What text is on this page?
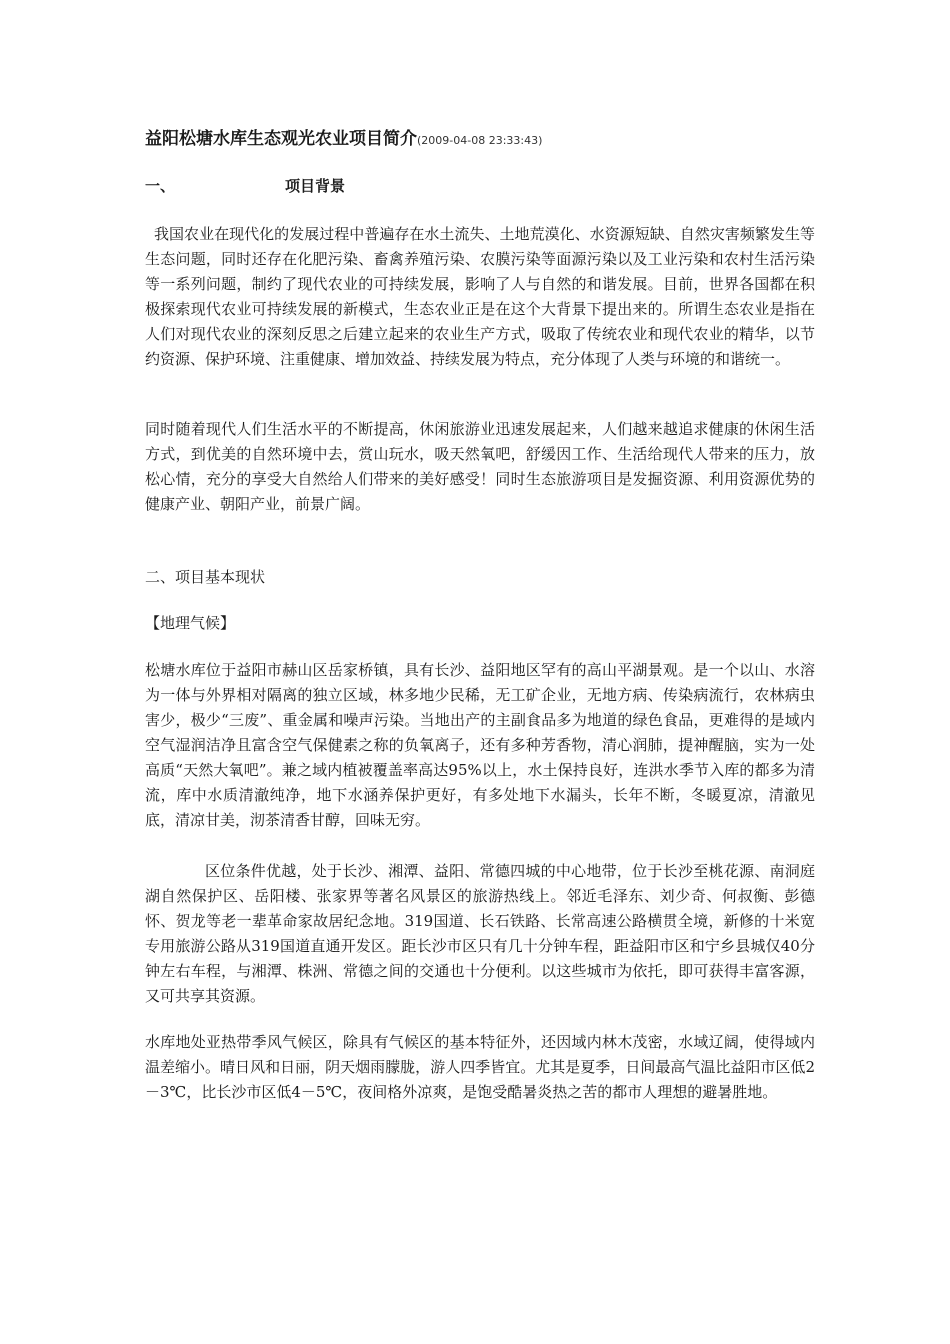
益阳松塘水库生态观光农业项目简介(2009-04-08 23:33:43)
一、	项目背景

我国农业在现代化的发展过程中普遍存在水土流失、土地荒漠化、水资源短缺、自然灾害频繁发生等生态问题，同时还存在化肥污染、畜禽养殖污染、农膜污染等面源污染以及工业污染和农村生活污染等一系列问题，制约了现代农业的可持续发展，影响了人与自然的和谐发展。目前，世界各国都在积极探索现代农业可持续发展的新模式，生态农业正是在这个大背景下提出来的。所谓生态农业是指在人们对现代农业的深刻反思之后建立起来的农业生产方式，吸取了传统农业和现代农业的精华，以节约资源、保护环境、注重健康、增加效益、持续发展为特点，充分体现了人类与环境的和谐统一。

同时随着现代人们生活水平的不断提高，休闲旅游业迅速发展起来，人们越来越追求健康的休闲生活方式，到优美的自然环境中去，赏山玩水，吸天然氧吧，舒缓因工作、生活给现代人带来的压力，放松心情，充分的享受大自然给人们带来的美好感受！同时生态旅游项目是发掘资源、利用资源优势的健康产业、朝阳产业，前景广阔。

二、项目基本现状
【地理气候】

松塘水库位于益阳市赫山区岳家桥镇，具有长沙、益阳地区罕有的高山平湖景观。是一个以山、水溶为一体与外界相对隔离的独立区域，林多地少民稀，无工矿企业，无地方病、传染病流行，农林病虫害少，极少“三废”、重金属和噪声污染。当地出产的主副食品多为地道的绿色食品，更难得的是域内空气湿润洁净且富含空气保健素之称的负氧离子，还有多种芳香物，清心润肺，提神醒脑，实为一处高质“天然大氧吧”。兼之域内植被覆盖率高达95%以上，水土保持良好，连洪水季节入库的都多为清流，库中水质清澈纯净，地下水涵养保护更好，有多处地下水漏头，长年不断，冬暖夏凉，清澈见底，清凉甘美，沏茶清香甘醇，回味无穷。

区位条件优越，处于长沙、湘潭、益阳、常德四城的中心地带，位于长沙至桃花源、南洞庭湖自然保护区、岳阳楼、张家界等著名风景区的旅游热线上。邻近毛泽东、刘少奇、何叔衡、彭德怀、贺龙等老一辈革命家故居纪念地。319国道、长石铁路、长常高速公路横贯全境，新修的十米宽专用旅游公路从319国道直通开发区。距长沙市区只有几十分钟车程，距益阳市区和宁乡县城仅40分钟左右车程，与湘潭、株洲、常德之间的交通也十分便利。以这些城市为依托，即可获得丰富客源，又可共享其资源。

水库地处亚热带季风气候区，除具有气候区的基本特征外，还因域内林木茂密，水域辽阔，使得域内温差缩小。晴日风和日丽，阴天烟雨朦胧，游人四季皆宜。尤其是夏季，日间最高气温比益阳市区低2－3℃，比长沙市区低4－5℃，夜间格外凉爽，是饱受酷暑炎热之苦的都市人理想的避暑胜地。
